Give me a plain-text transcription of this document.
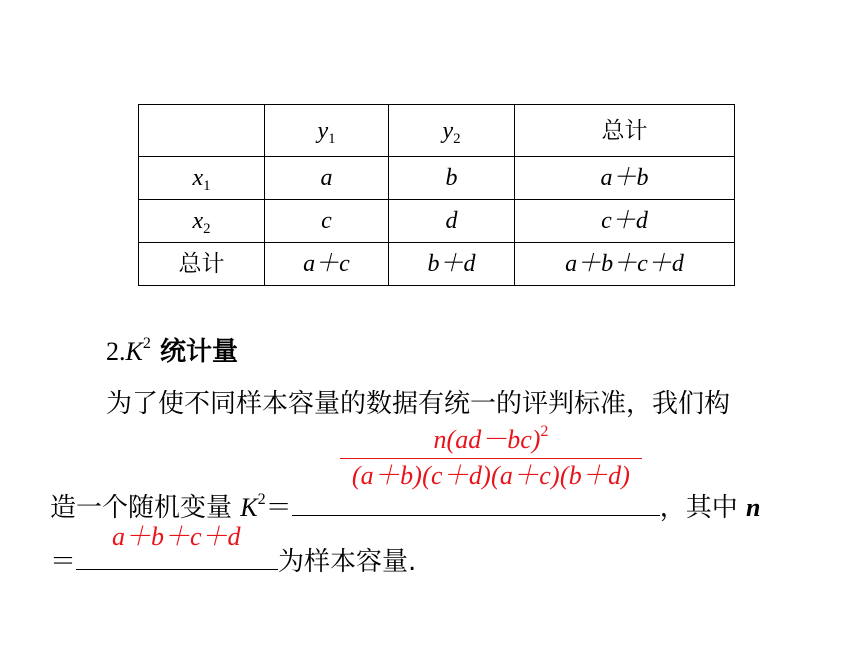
	$y_1$	$y_2$	总计
$x_1$	a	b	a＋b
$x_2$	c	d	c＋d
总计	a＋c	b＋d	a＋b＋c＋d
$2.K^2$ 统计量
为了使不同样本容量的数据有统一的评判标准，我们构
$n(ad-bc)^2$
(a＋b)(c＋d)(a＋c)(b＋d)
造一个随机变量 $K^2=$	，其中 n
a＋b＋c＋d
＝	为样本容量.
